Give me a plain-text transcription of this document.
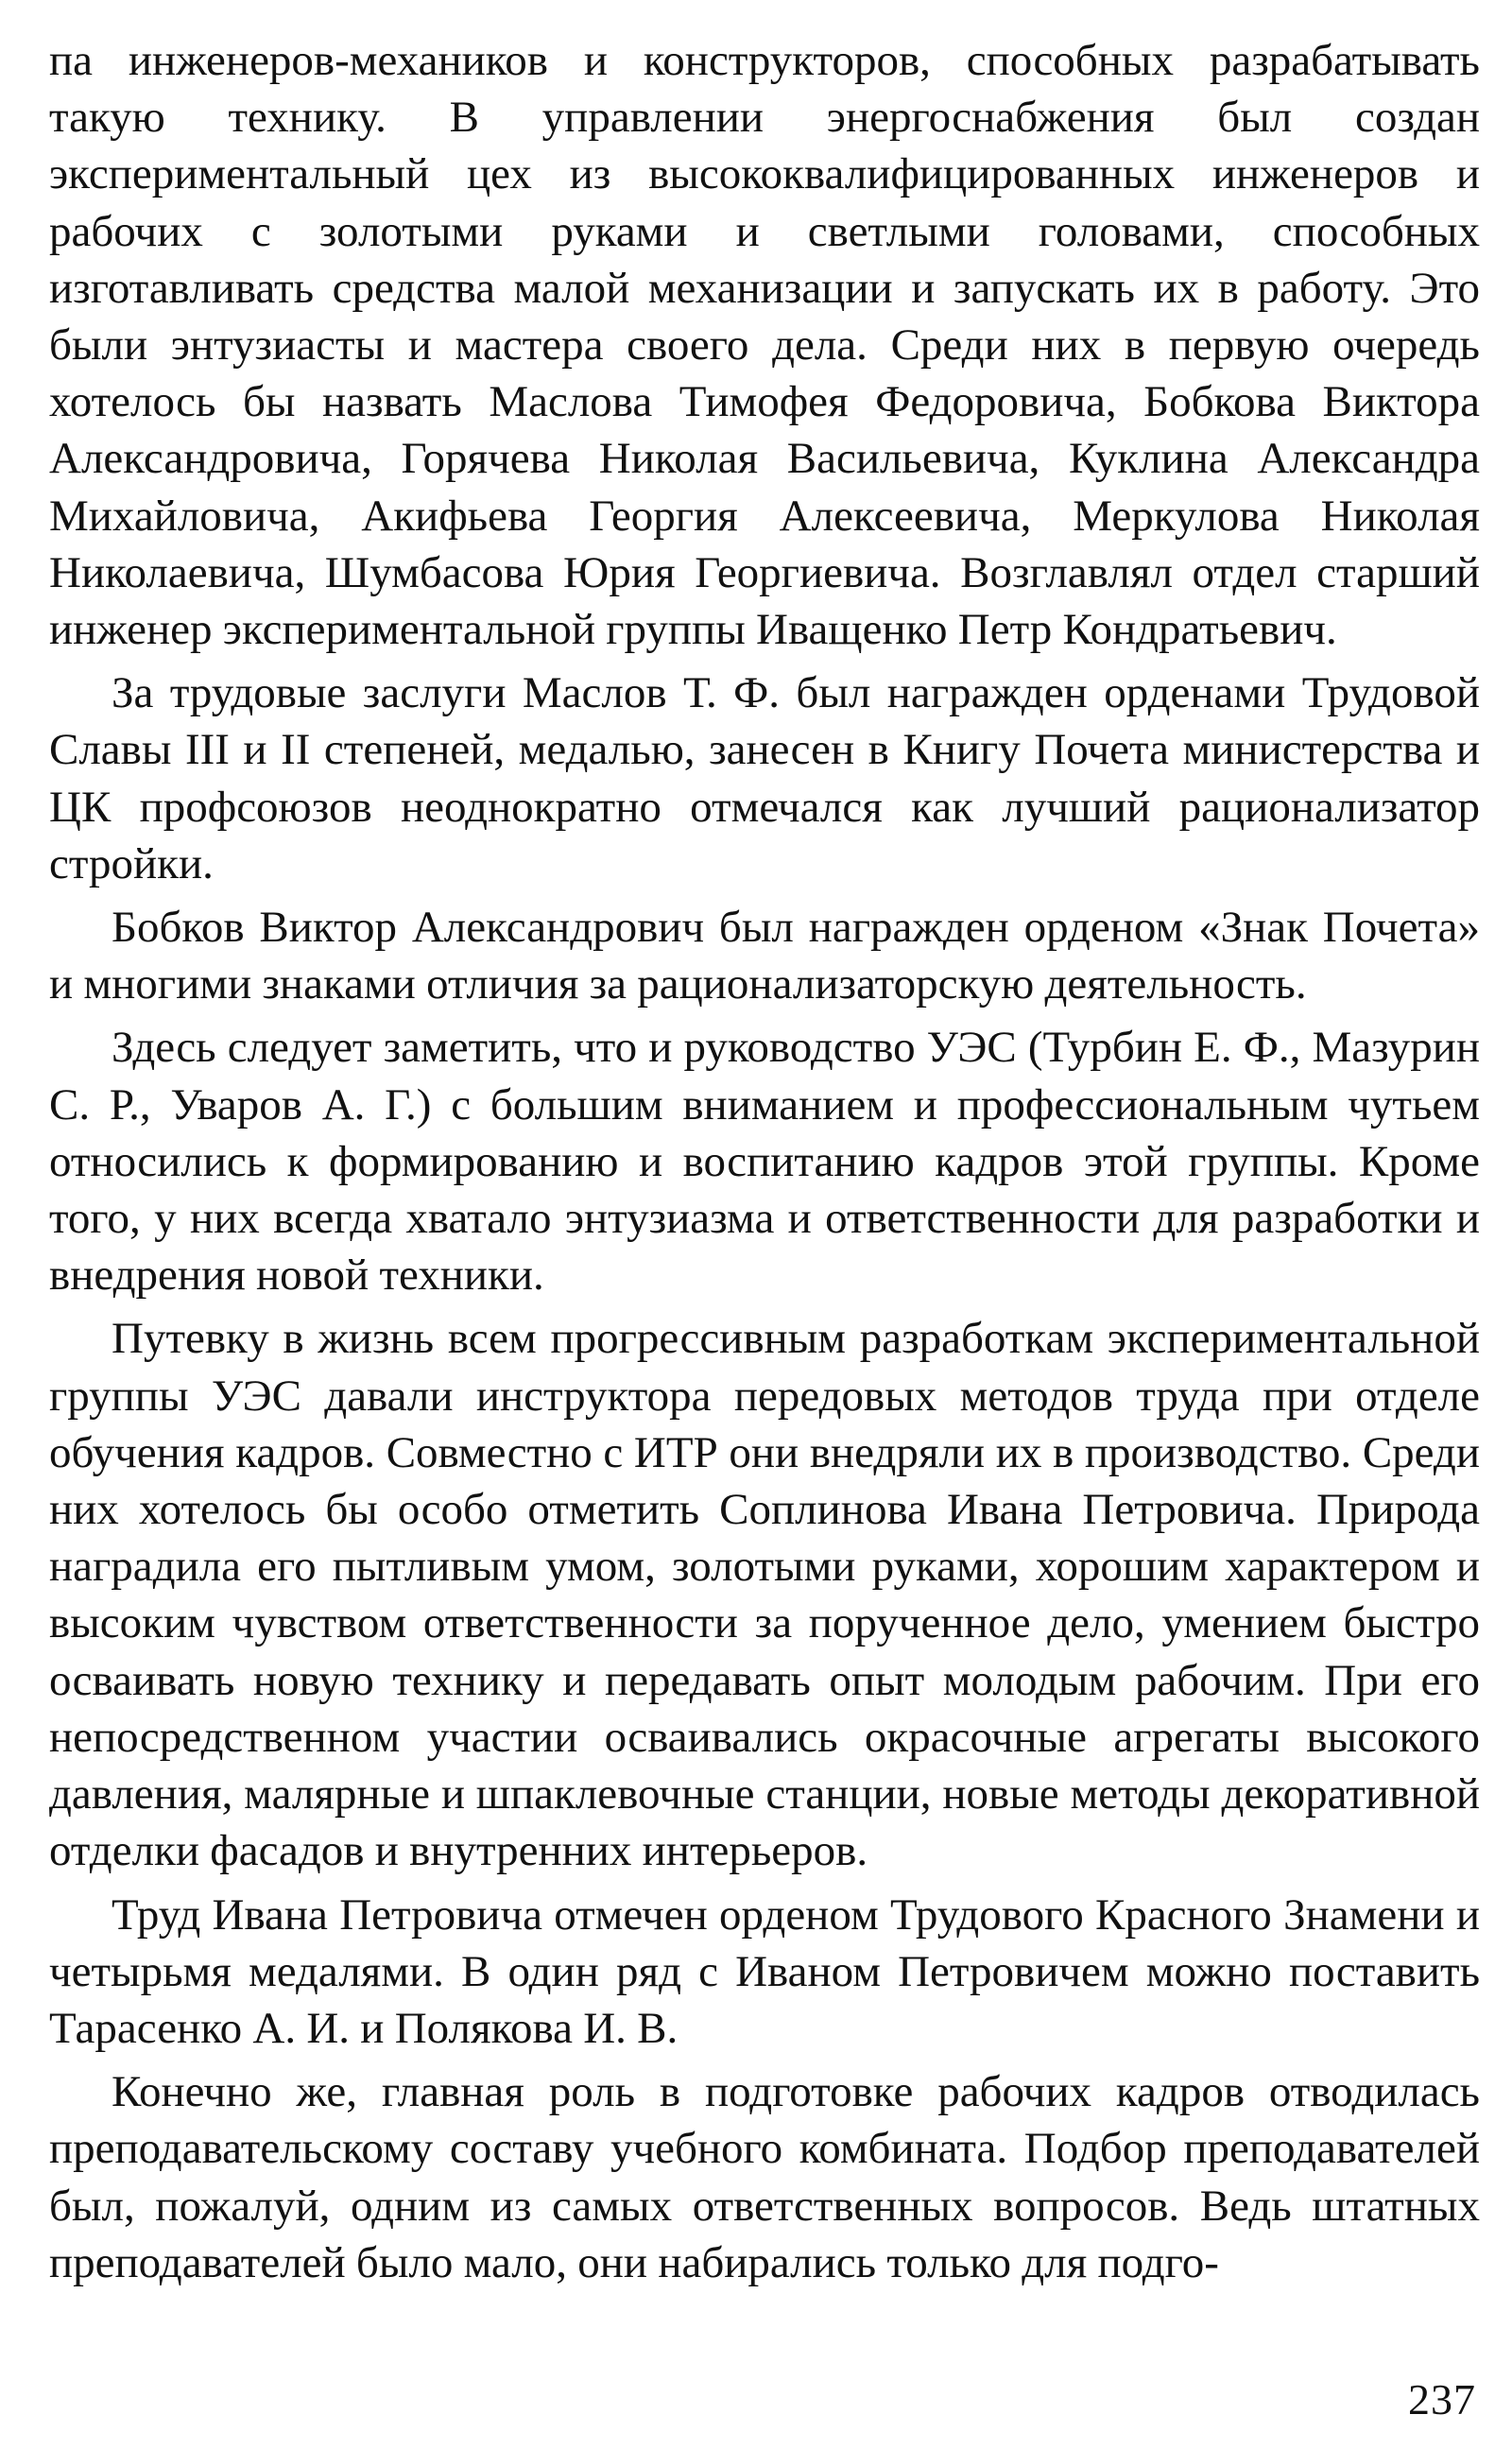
па инженеров-механиков и конструкторов, способных разрабатывать такую технику. В управлении энергоснабжения был создан экспериментальный цех из высококвалифицированных инженеров и рабочих с золотыми руками и светлыми головами, способных изготавливать средства малой механизации и запускать их в работу. Это были энтузиасты и мастера своего дела. Среди них в первую очередь хотелось бы назвать Маслова Тимофея Федоровича, Бобкова Виктора Александровича, Горячева Николая Васильевича, Куклина Александра Михайловича, Акифьева Георгия Алексеевича, Меркулова Николая Николаевича, Шумбасова Юрия Георгиевича. Возглавлял отдел старший инженер экспериментальной группы Иващенко Петр Кондратьевич.

За трудовые заслуги Маслов Т. Ф. был награжден орденами Трудовой Славы III и II степеней, медалью, занесен в Книгу Почета министерства и ЦК профсоюзов неоднократно отмечался как лучший рационализатор стройки.

Бобков Виктор Александрович был награжден орденом «Знак Почета» и многими знаками отличия за рационализаторскую деятельность.

Здесь следует заметить, что и руководство УЭС (Турбин Е. Ф., Мазурин С. Р., Уваров А. Г.) с большим вниманием и профессиональным чутьем относились к формированию и воспитанию кадров этой группы. Кроме того, у них всегда хватало энтузиазма и ответственности для разработки и внедрения новой техники.

Путевку в жизнь всем прогрессивным разработкам экспериментальной группы УЭС давали инструктора передовых методов труда при отделе обучения кадров. Совместно с ИТР они внедряли их в производство. Среди них хотелось бы особо отметить Соплинова Ивана Петровича. Природа наградила его пытливым умом, золотыми руками, хорошим характером и высоким чувством ответственности за порученное дело, умением быстро осваивать новую технику и передавать опыт молодым рабочим. При его непосредственном участии осваивались окрасочные агрегаты высокого давления, малярные и шпаклевочные станции, новые методы декоративной отделки фасадов и внутренних интерьеров.

Труд Ивана Петровича отмечен орденом Трудового Красного Знамени и четырьмя медалями. В один ряд с Иваном Петровичем можно поставить Тарасенко А. И. и Полякова И. В.

Конечно же, главная роль в подготовке рабочих кадров отводилась преподавательскому составу учебного комбината. Подбор преподавателей был, пожалуй, одним из самых ответственных вопросов. Ведь штатных преподавателей было мало, они набирались только для подго-

237
